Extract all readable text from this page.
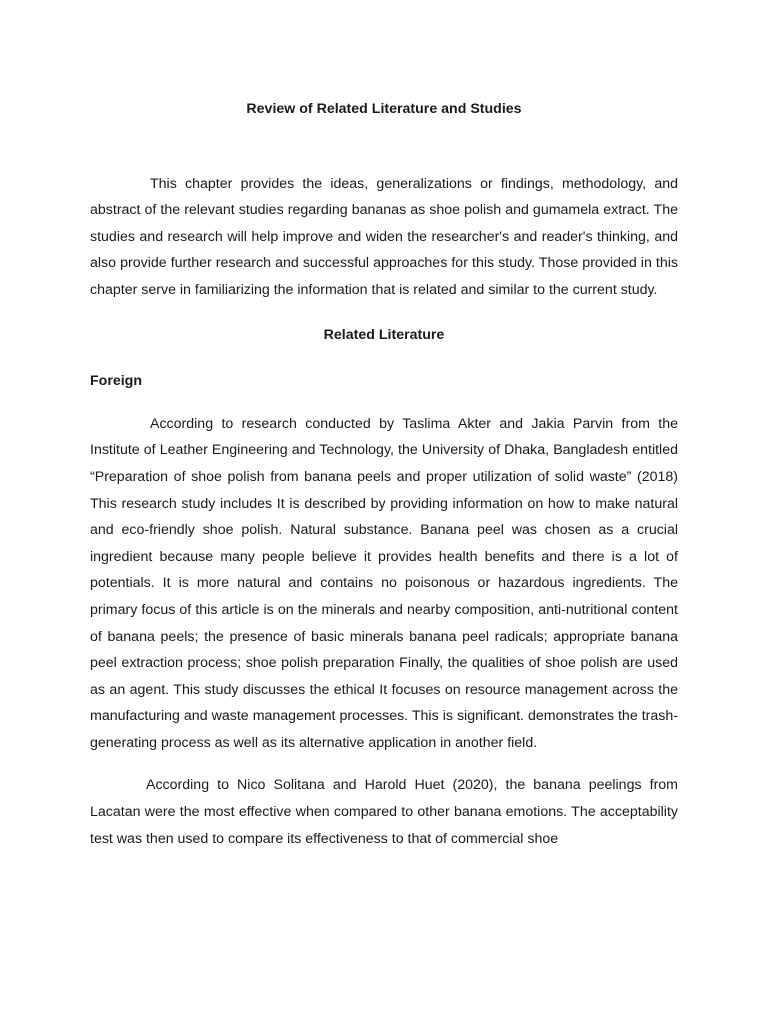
Review of Related Literature and Studies

This chapter provides the ideas, generalizations or findings, methodology, and abstract of the relevant studies regarding bananas as shoe polish and gumamela extract. The studies and research will help improve and widen the researcher's and reader's thinking, and also provide further research and successful approaches for this study. Those provided in this chapter serve in familiarizing the information that is related and similar to the current study.

Related Literature
Foreign

According to research conducted by Taslima Akter and Jakia Parvin from the Institute of Leather Engineering and Technology, the University of Dhaka, Bangladesh entitled “Preparation of shoe polish from banana peels and proper utilization of solid waste” (2018) This research study includes It is described by providing information on how to make natural and eco-friendly shoe polish. Natural substance. Banana peel was chosen as a crucial ingredient because many people believe it provides health benefits and there is a lot of potentials. It is more natural and contains no poisonous or hazardous ingredients. The primary focus of this article is on the minerals and nearby composition, anti-nutritional content of banana peels; the presence of basic minerals banana peel radicals; appropriate banana peel extraction process; shoe polish preparation Finally, the qualities of shoe polish are used as an agent. This study discusses the ethical It focuses on resource management across the manufacturing and waste management processes. This is significant. demonstrates the trash-generating process as well as its alternative application in another field.

According to Nico Solitana and Harold Huet (2020), the banana peelings from Lacatan were the most effective when compared to other banana emotions. The acceptability test was then used to compare its effectiveness to that of commercial shoe
